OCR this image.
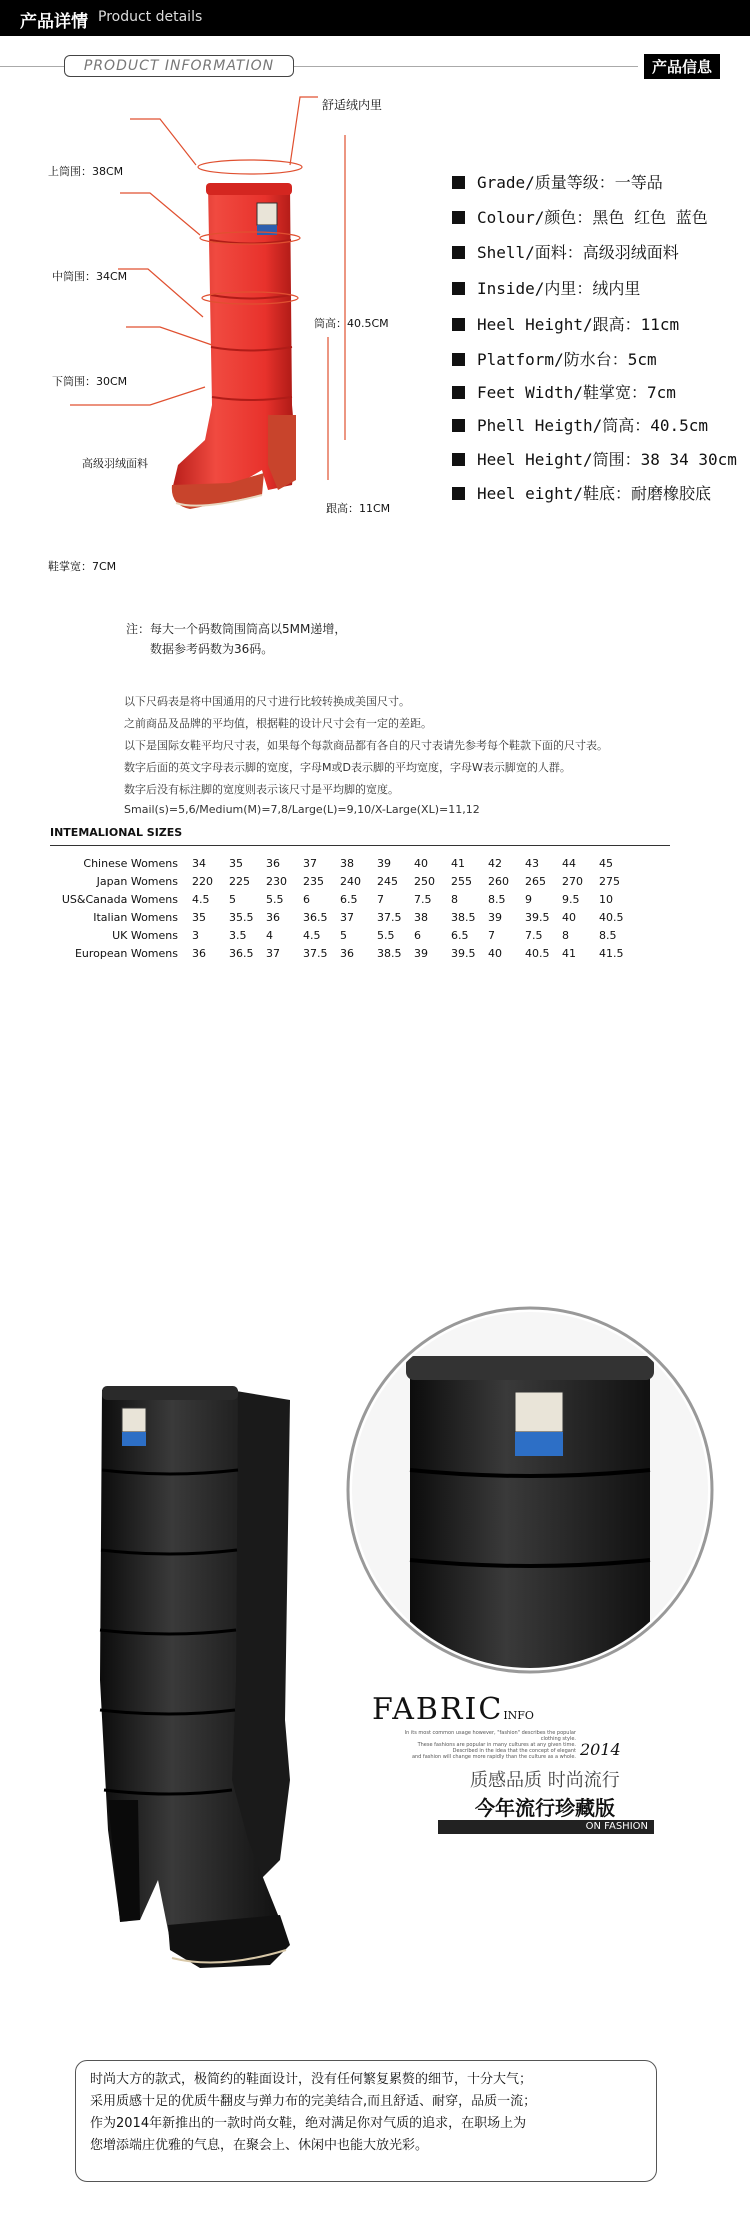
产品详情 Product details
PRODUCT INFORMATION	产品信息
舒适绒内里
上筒围：38CM
中筒围：34CM
下筒围：30CM
高级羽绒面料
鞋掌宽：7CM
筒高：40.5CM
跟高：11CM
Grade/质量等级：一等品
Colour/颜色：黑色 红色 蓝色
Shell/面料：高级羽绒面料
Inside/内里：绒内里
Heel Height/跟高：11cm
Platform/防水台：5cm
Feet Width/鞋掌宽：7cm
Phell Heigth/筒高：40.5cm
Heel Height/筒围：38 34 30cm
Heel eight/鞋底：耐磨橡胶底
注：每大一个码数筒围筒高以5MM递增，
数据参考码数为36码。
以下尺码表是将中国通用的尺寸进行比较转换成美国尺寸。
之前商品及品牌的平均值，根据鞋的设计尺寸会有一定的差距。
以下是国际女鞋平均尺寸表，如果每个每款商品都有各自的尺寸表请先参考每个鞋款下面的尺寸表。
数字后面的英文字母表示脚的宽度，字母M或D表示脚的平均宽度，字母W表示脚宽的人群。
数字后没有标注脚的宽度则表示该尺寸是平均脚的宽度。
Smail(s)=5,6/Medium(M)=7,8/Large(L)=9,10/X-Large(XL)=11,12
INTEMALIONAL SIZES
Chinese Womens	34	35	36	37	38	39	40	41	42	43	44	45
Japan Womens	220	225	230	235	240	245	250	255	260	265	270	275
US&Canada Womens	4.5	5	5.5	6	6.5	7	7.5	8	8.5	9	9.5	10
Italian Womens	35	35.5	36	36.5	37	37.5	38	38.5	39	39.5	40	40.5
UK Womens	3	3.5	4	4.5	5	5.5	6	6.5	7	7.5	8	8.5
European Womens	36	36.5	37	37.5	36	38.5	39	39.5	40	40.5	41	41.5
FABRICINFO
2014
In its most common usage however, "fashion" describes the popular clothing style.
These fashions are popular in many cultures at any given time.
Described in the idea that the concept of elegant
and fashion will change more rapidly than the culture as a whole.
质感品质 时尚流行
今年流行珍藏版
ON FASHION

时尚大方的款式，极简约的鞋面设计，没有任何繁复累赘的细节，十分大气；

采用质感十足的优质牛翻皮与弹力布的完美结合,而且舒适、耐穿，品质一流；

作为2014年新推出的一款时尚女鞋，绝对满足你对气质的追求，在职场上为

您增添端庄优雅的气息，在聚会上、休闲中也能大放光彩。
